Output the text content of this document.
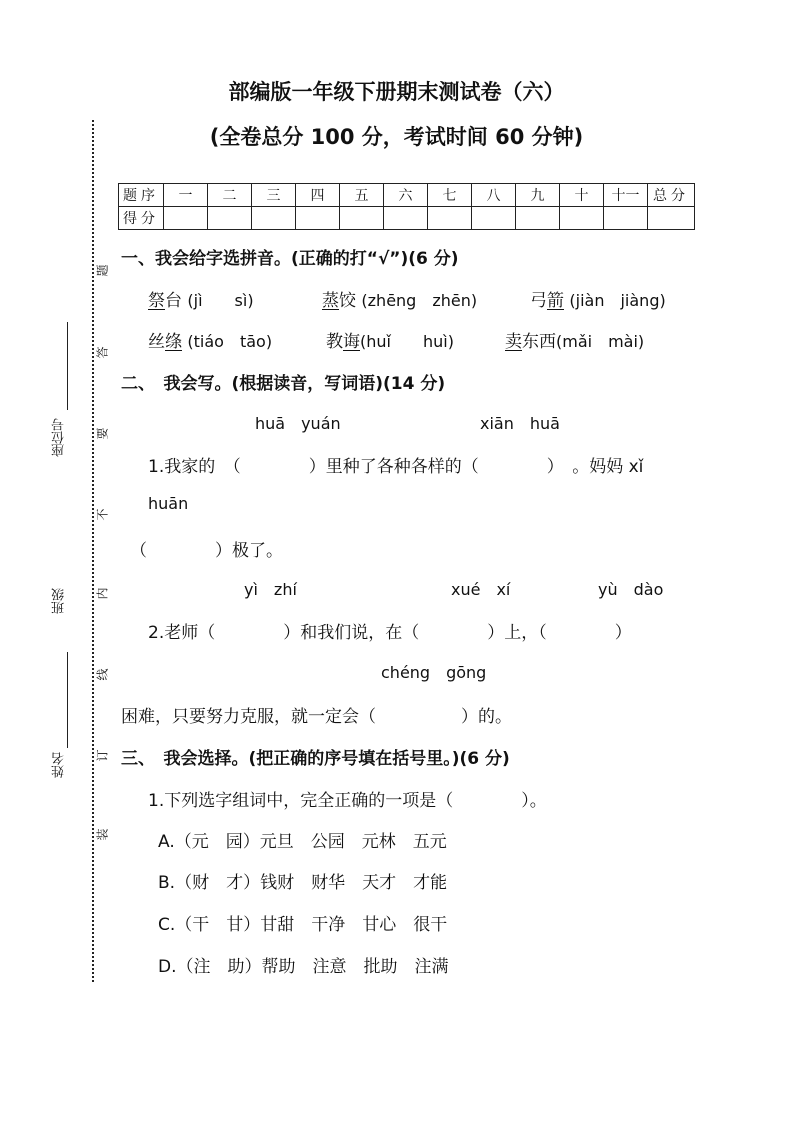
部编版一年级下册期末测试卷（六）
(全卷总分 100 分，考试时间 60 分钟)
座位号
班级
姓名
题
答
要
不
内
线
订
装
题序	一	二	三	四	五	六	七	八	九	十	十一	总分
得分												
一、我会给字选拼音。(正确的打“√”)(6 分)
祭台 (jì　　sì)	蒸饺 (zhēng　zhēn)	弓箭 (jiàn　jiàng)
丝绦 (tiáo　tāo)	教诲(huǐ　　huì)	卖东西(mǎi　mài)
二、　我会写。(根据读音，写词语)(14 分)
huā　yuán	xiān　huā
1.我家的　（　　　　）里种了各种各样的（　　　　）　。妈妈 xǐ
huān
（　　　　）极了。
yì　zhí	xué　xí	yù　dào
2.老师（　　　　）和我们说，在（　　　　）上，（　　　　）
chéng　gōng
困难，只要努力克服，就一定会（　　　　　）的。
三、　我会选择。(把正确的序号填在括号里。)(6 分)
1.下列选字组词中，完全正确的一项是（　　　　）。
A.（元　园）元旦　公园　元林　五元
B.（财　才）钱财　财华　天才　才能
C.（干　甘）甘甜　干净　甘心　很干
D.（注　助）帮助　注意　批助　注满
